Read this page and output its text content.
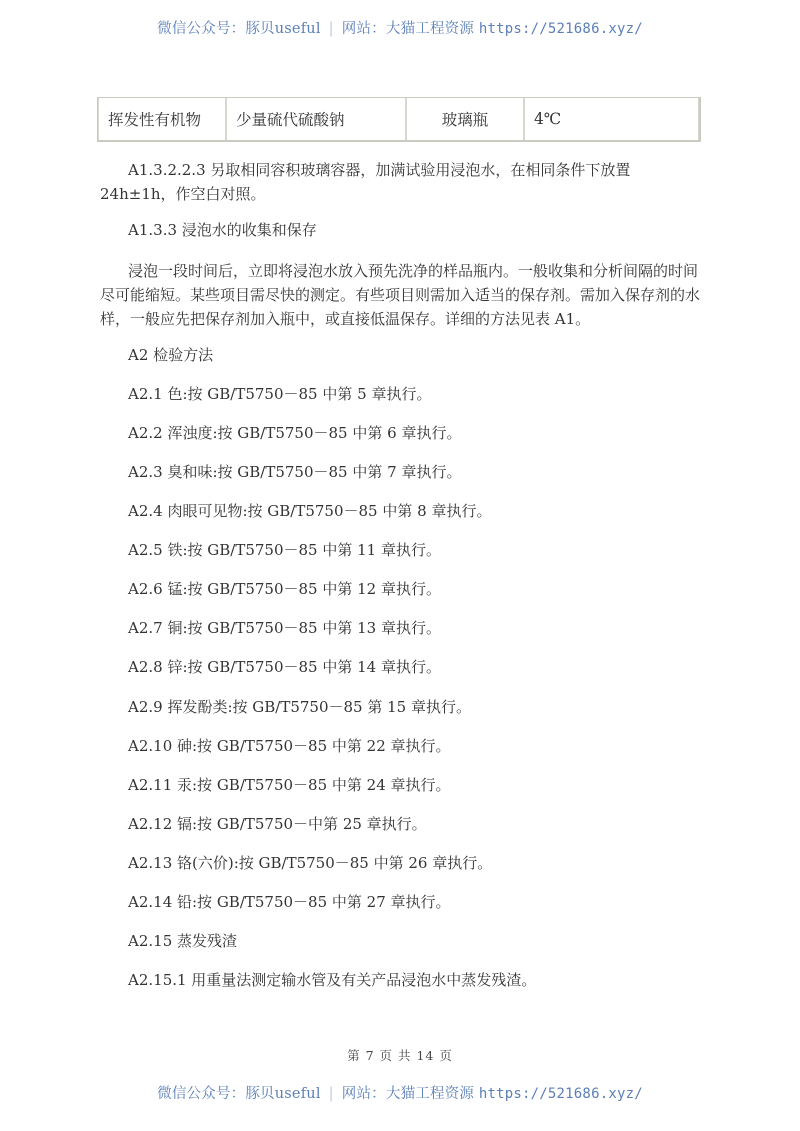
微信公众号：豚贝useful | 网站：大猫工程资源 https://521686.xyz/
挥发性有机物	少量硫代硫酸钠	玻璃瓶	4℃
A1.3.2.2.3 另取相同容积玻璃容器，加满试验用浸泡水，在相同条件下放置24h±1h，作空白对照。
A1.3.3 浸泡水的收集和保存
浸泡一段时间后，立即将浸泡水放入预先洗净的样品瓶内。一般收集和分析间隔的时间尽可能缩短。某些项目需尽快的测定。有些项目则需加入适当的保存剂。需加入保存剂的水样，一般应先把保存剂加入瓶中，或直接低温保存。详细的方法见表 A1。
A2 检验方法
A2.1 色:按 GB/T5750－85 中第 5 章执行。
A2.2 浑浊度:按 GB/T5750－85 中第 6 章执行。
A2.3 臭和味:按 GB/T5750－85 中第 7 章执行。
A2.4 肉眼可见物:按 GB/T5750－85 中第 8 章执行。
A2.5 铁:按 GB/T5750－85 中第 11 章执行。
A2.6 锰:按 GB/T5750－85 中第 12 章执行。
A2.7 铜:按 GB/T5750－85 中第 13 章执行。
A2.8 锌:按 GB/T5750－85 中第 14 章执行。
A2.9 挥发酚类:按 GB/T5750－85 第 15 章执行。
A2.10 砷:按 GB/T5750－85 中第 22 章执行。
A2.11 汞:按 GB/T5750－85 中第 24 章执行。
A2.12 镉:按 GB/T5750－中第 25 章执行。
A2.13 铬(六价):按 GB/T5750－85 中第 26 章执行。
A2.14 铅:按 GB/T5750－85 中第 27 章执行。
A2.15 蒸发残渣
A2.15.1 用重量法测定输水管及有关产品浸泡水中蒸发残渣。
第 7 页 共 14 页
微信公众号：豚贝useful | 网站：大猫工程资源 https://521686.xyz/
